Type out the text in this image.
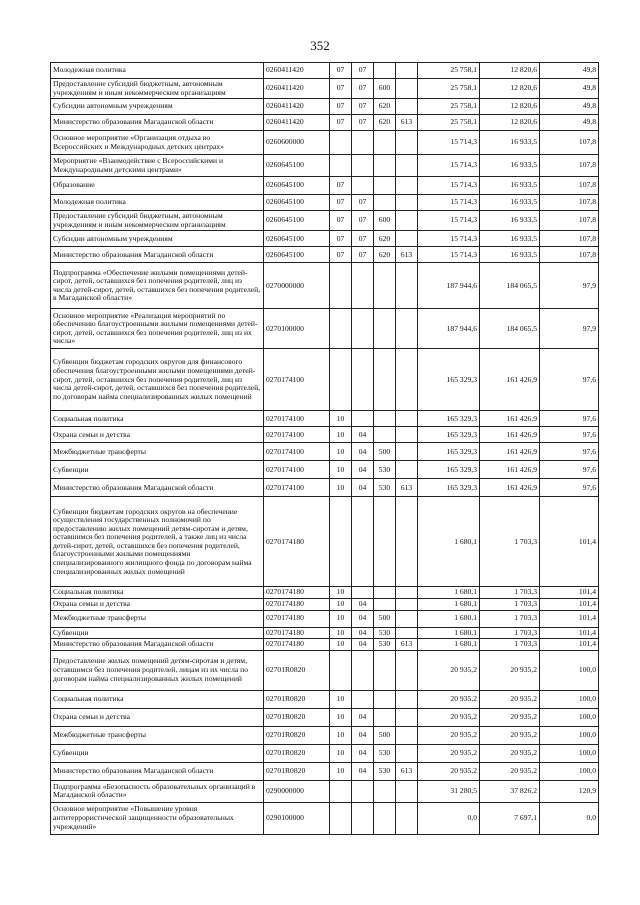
352
Молодежная политика	0260411420	07	07			25 758,1	12 820,6	49,8
Предоставление субсидий бюджетным, автономным учреждениям и иным некоммерческим организациям	0260411420	07	07	600		25 758,1	12 820,6	49,8
Субсидии автономным учреждениям	0260411420	07	07	620		25 758,1	12 820,6	49,8
Министерство образования Магаданской области	0260411420	07	07	620	613	25 758,1	12 820,6	49,8
Основное мероприятие «Организация отдыха во Всероссийских и Международных детских центрах»	0260600000					15 714,3	16 933,5	107,8
Мероприятие «Взаимодействие с Всероссийскими и Международными детскими центрами»	0260645100					15 714,3	16 933,5	107,8
Образование	0260645100	07				15 714,3	16 933,5	107,8
Молодежная политика	0260645100	07	07			15 714,3	16 933,5	107,8
Предоставление субсидий бюджетным, автономным учреждениям и иным некоммерческим организациям	0260645100	07	07	600		15 714,3	16 933,5	107,8
Субсидии автономным учреждениям	0260645100	07	07	620		15 714,3	16 933,5	107,8
Министерство образования Магаданской области	0260645100	07	07	620	613	15 714,3	16 933,5	107,8
Подпрограмма «Обеспечение жилыми помещениями детей-сирот, детей, оставшихся без попечения родителей, лиц из числа детей-сирот, детей, оставшихся без попечения родителей, в Магаданской области»	0270000000					187 944,6	184 065,5	97,9
Основное мероприятие «Реализация мероприятий по обеспечению благоустроенными жилыми помещениями детей-сирот, детей, оставшихся без попечения родителей, лиц из их числа»	0270100000					187 944,6	184 065,5	97,9
Субвенции бюджетам городских округов для финансового обеспечения благоустроенными жилыми помещениями детей-сирот, детей, оставшихся без попечения родителей, лиц из числа детей-сирот, детей, оставшихся без попечения родителей, по договорам найма специализированных жилых помещений	0270174100					165 329,3	161 426,9	97,6
Социальная политика	0270174100	10				165 329,3	161 426,9	97,6
Охрана семьи и детства	0270174100	10	04			165 329,3	161 426,9	97,6
Межбюджетные трансферты	0270174100	10	04	500		165 329,3	161 426,9	97,6
Субвенции	0270174100	10	04	530		165 329,3	161 426,9	97,6
Министерство образования Магаданской области	0270174100	10	04	530	613	165 329,3	161 426,9	97,6
Субвенции бюджетам городских округов на обеспечение осуществления государственных полномочий по предоставлению жилых помещений детям-сиротам и детям, оставшимся без попечения родителей, а также лиц из числа детей-сирот, детей, оставшихся без попечения родителей, благоустроенными жилыми помещениями специализированного жилищного фонда по договорам найма специализированных жилых помещений	0270174180					1 680,1	1 703,3	101,4
Социальная политика	0270174180	10				1 680,1	1 703,3	101,4
Охрана семьи и детства	0270174180	10	04			1 680,1	1 703,3	101,4
Межбюджетные трансферты	0270174180	10	04	500		1 680,1	1 703,3	101,4
Субвенции	0270174180	10	04	530		1 680,1	1 703,3	101,4
Министерство образования Магаданской области	0270174180	10	04	530	613	1 680,1	1 703,3	101,4
Предоставление жилых помещений детям-сиротам и детям, оставшимся без попечения родителей, лицам из их числа по договорам найма специализированных жилых помещений	02701R0820					20 935,2	20 935,2	100,0
Социальная политика	02701R0820	10				20 935,2	20 935,2	100,0
Охрана семьи и детства	02701R0820	10	04			20 935,2	20 935,2	100,0
Межбюджетные трансферты	02701R0820	10	04	500		20 935,2	20 935,2	100,0
Субвенции	02701R0820	10	04	530		20 935,2	20 935,2	100,0
Министерство образования Магаданской области	02701R0820	10	04	530	613	20 935,2	20 935,2	100,0
Подпрограмма «Безопасность образовательных организаций в Магаданской области»	0290000000					31 280,5	37 826,2	120,9
Основное мероприятие «Повышение уровня антитеррористической защищенности образовательных учреждений»	0290100000					0,0	7 697,1	0,0
